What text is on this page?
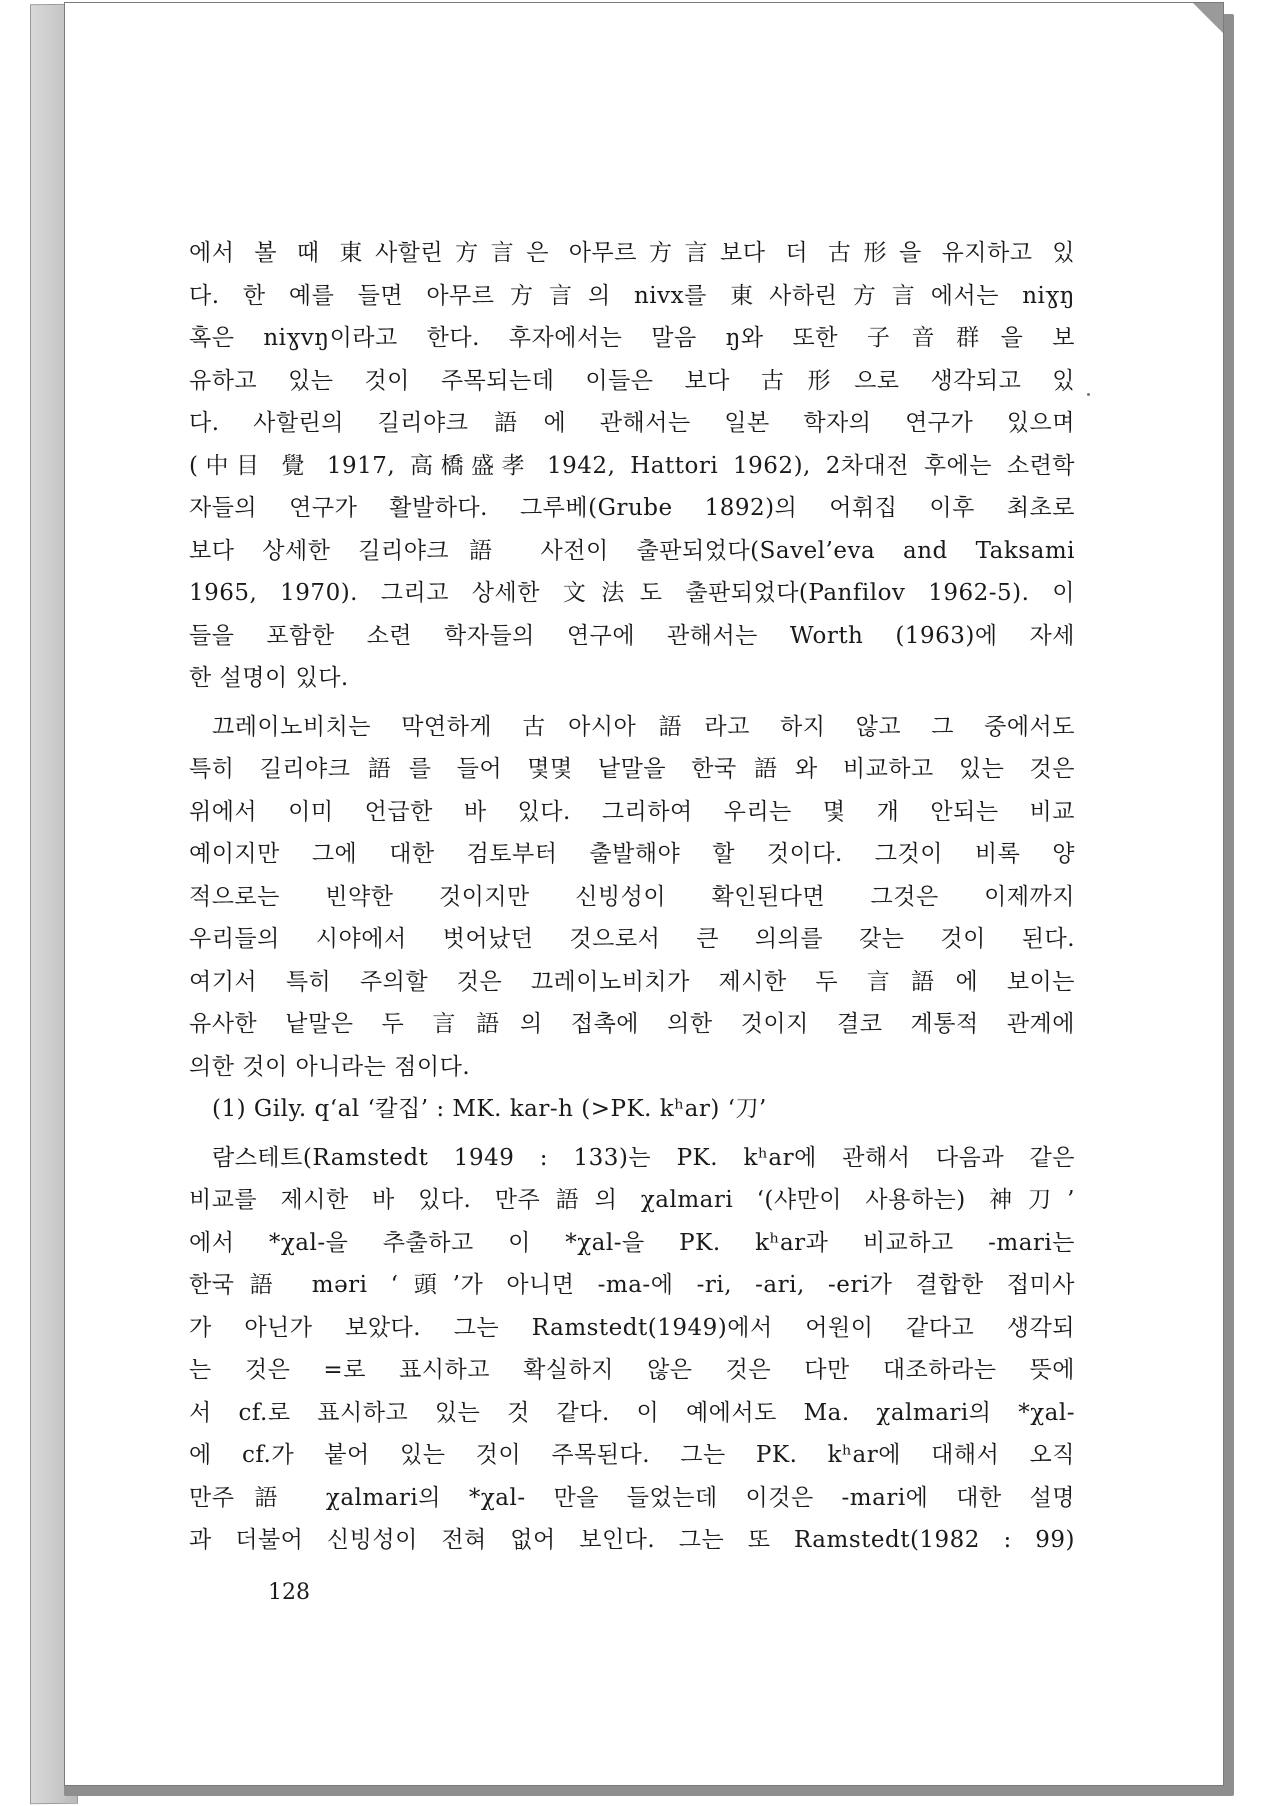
에서 볼 때 東사할린方言은 아무르方言보다 더 古形을 유지하고 있
다. 한 예를 들면 아무르方言의 nivx를 東사하린方言에서는 niɣŋ
혹은 niɣvŋ이라고 한다. 후자에서는 말음 ŋ와 또한 子音群을 보
유하고 있는 것이 주목되는데 이들은 보다 古形으로 생각되고 있
다. 사할린의 길리야크語에 관해서는 일본 학자의 연구가 있으며
(中目 覺 1917, 高橋盛孝 1942, Hattori 1962), 2차대전 후에는 소련학
자들의 연구가 활발하다. 그루베(Grube 1892)의 어휘집 이후 최초로
보다 상세한 길리야크語 사전이 출판되었다(Savel’eva and Taksami
1965, 1970). 그리고 상세한 文法도 출판되었다(Panfilov 1962-5). 이
들을 포함한 소련 학자들의 연구에 관해서는 Worth (1963)에 자세
한 설명이 있다.
끄레이노비치는 막연하게 古아시아語라고 하지 않고 그 중에서도
특히 길리야크語를 들어 몇몇 낱말을 한국語와 비교하고 있는 것은
위에서 이미 언급한 바 있다. 그리하여 우리는 몇 개 안되는 비교
예이지만 그에 대한 검토부터 출발해야 할 것이다. 그것이 비록 양
적으로는 빈약한 것이지만 신빙성이 확인된다면 그것은 이제까지
우리들의 시야에서 벗어났던 것으로서 큰 의의를 갖는 것이 된다.
여기서 특히 주의할 것은 끄레이노비치가 제시한 두 言語에 보이는
유사한 낱말은 두 言語의 접촉에 의한 것이지 결코 계통적 관계에
의한 것이 아니라는 점이다.
(1) Gily. q‘al ‘칼집’ : MK. kar-h (>PK. kʰar) ‘刀’
람스테트(Ramstedt 1949 : 133)는 PK. kʰar에 관해서 다음과 같은
비교를 제시한 바 있다. 만주語의 χalmari ‘(샤만이 사용하는) 神刀’
에서 *χal-을 추출하고 이 *χal-을 PK. kʰar과 비교하고 -mari는
한국語 məri ‘頭’가 아니면 -ma-에 -ri, -ari, -eri가 결합한 접미사
가 아닌가 보았다. 그는 Ramstedt(1949)에서 어원이 같다고 생각되
는 것은 =로 표시하고 확실하지 않은 것은 다만 대조하라는 뜻에
서 cf.로 표시하고 있는 것 같다. 이 예에서도 Ma. χalmari의 *χal-
에 cf.가 붙어 있는 것이 주목된다. 그는 PK. kʰar에 대해서 오직
만주語 χalmari의 *χal- 만을 들었는데 이것은 -mari에 대한 설명
과 더불어 신빙성이 전혀 없어 보인다. 그는 또 Ramstedt(1982 : 99)
128
